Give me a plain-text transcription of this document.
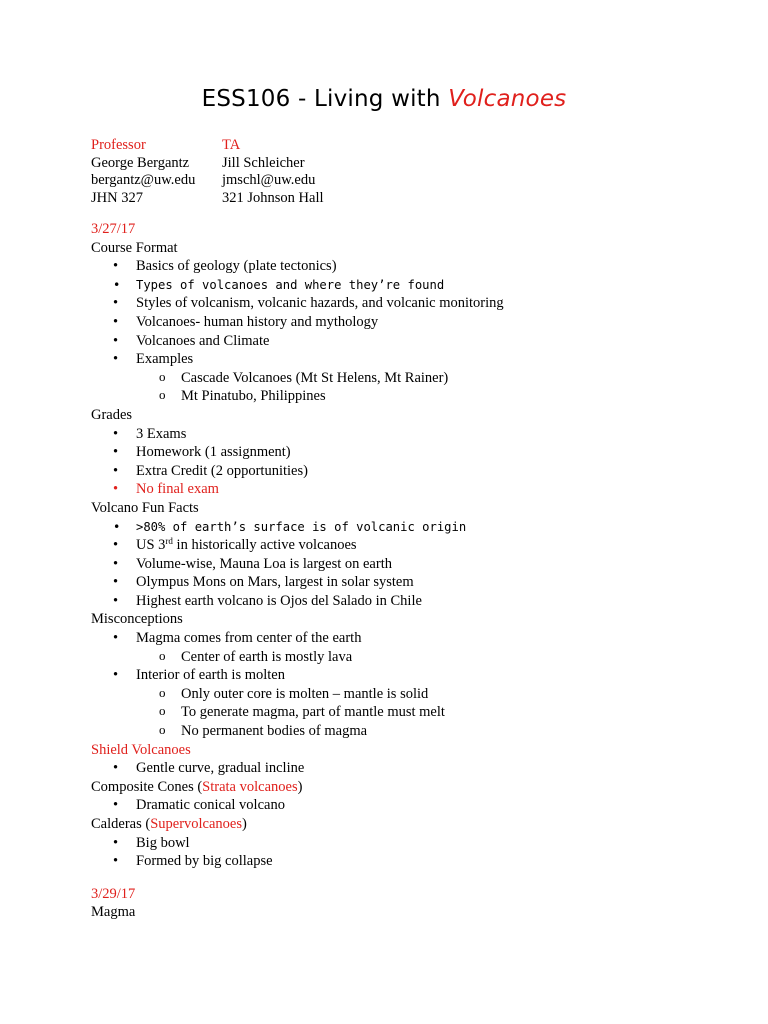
ESS106 - Living with Volcanoes
Professor
George Bergantz
bergantz@uw.edu
JHN 327
TA
Jill Schleicher
jmschl@uw.edu
321 Johnson Hall
3/27/17
Course Format
• Basics of geology (plate tectonics)
• Types of volcanoes and where they’re found
• Styles of volcanism, volcanic hazards, and volcanic monitoring
• Volcanoes- human history and mythology
• Volcanoes and Climate
• Examples
o Cascade Volcanoes (Mt St Helens, Mt Rainer)
o Mt Pinatubo, Philippines
Grades
• 3 Exams
• Homework (1 assignment)
• Extra Credit (2 opportunities)
• No final exam
Volcano Fun Facts
• >80% of earth’s surface is of volcanic origin
• US 3rd in historically active volcanoes
• Volume-wise, Mauna Loa is largest on earth
• Olympus Mons on Mars, largest in solar system
• Highest earth volcano is Ojos del Salado in Chile
Misconceptions
• Magma comes from center of the earth
o Center of earth is mostly lava
• Interior of earth is molten
o Only outer core is molten – mantle is solid
o To generate magma, part of mantle must melt
o No permanent bodies of magma
Shield Volcanoes
• Gentle curve, gradual incline
Composite Cones (Strata volcanoes)
• Dramatic conical volcano
Calderas (Supervolcanoes)
• Big bowl
• Formed by big collapse
3/29/17
Magma
